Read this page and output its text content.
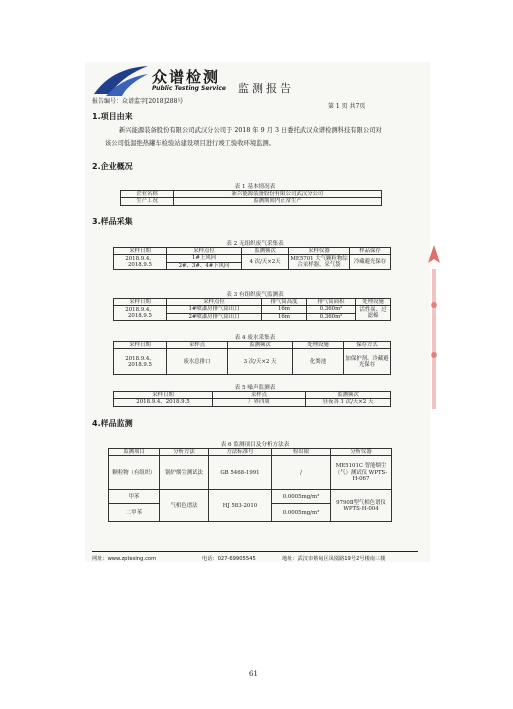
众谱检测
Public Testing Service 监测报告
报告编号：众谱监字[2018]288号
第 1 页 共7页
1.项目由来
新兴能源装备股份有限公司武汉分公司于 2018 年 9 月 3 日委托武汉众谱检测科技有限公司对该公司低温绝热罐车检验站建设项目进行竣工验收环境监测。
2.企业概况
表 1 基本情况表
企业名称	新兴能源装备股份有限公司武汉分公司
生产工况	监测期间内正常生产
3.样品采集
表 2 无组织废气采集表
采样日期	采样点位	监测频次	采样仪器	样品保存
2018.9.4、2018.9.5	1#上风向	4 次/天×2天	ME5701 大气颗粒物综合采样器、采气袋	冷藏避光保存
	2#、3#、4#下风向			
表 3 有组织废气监测表
采样日期	采样点位	排气筒高度	排气筒面积	处理设施
2018.9.4、2018.9.5	1#喷漆房排气筒出口	16m	0.360m²	活性炭、过滤棉
	2#喷漆房排气筒出口	16m	0.360m²	
表 4 废水采集表
采样日期	采样点	监测频次	处理设施	保存方式
2018.9.4、2018.9.5	废水总排口	3 次/天×2 天	化粪池	加保护剂、冷藏避光保存
表 5 噪声监测表
采样日期	采样点	监测频次
2018.9.4、2018.9.5	厂界四周	昼夜各 1 次/天×2 天
4.样品监测
表 6 监测项目及分析方法表
监测项目	分析方法	方法标准号	检出限	分析仪器
颗粒物（有组织）	锅炉烟尘测试法	GB 5468-1991	/	ME5101C 智能烟尘（气）测试仪 WPTS-H-067
甲苯	气相色谱法	HJ 583-2010	0.0005mg/m³	9790Ⅱ型气相色谱仪 WPTS-H-004
二甲苯			0.0005mg/m³	
网址：www.zptesing.com	电话：027-69905545	地址：武汉市蔡甸区凤凰路19号2号楼南三楼
61
